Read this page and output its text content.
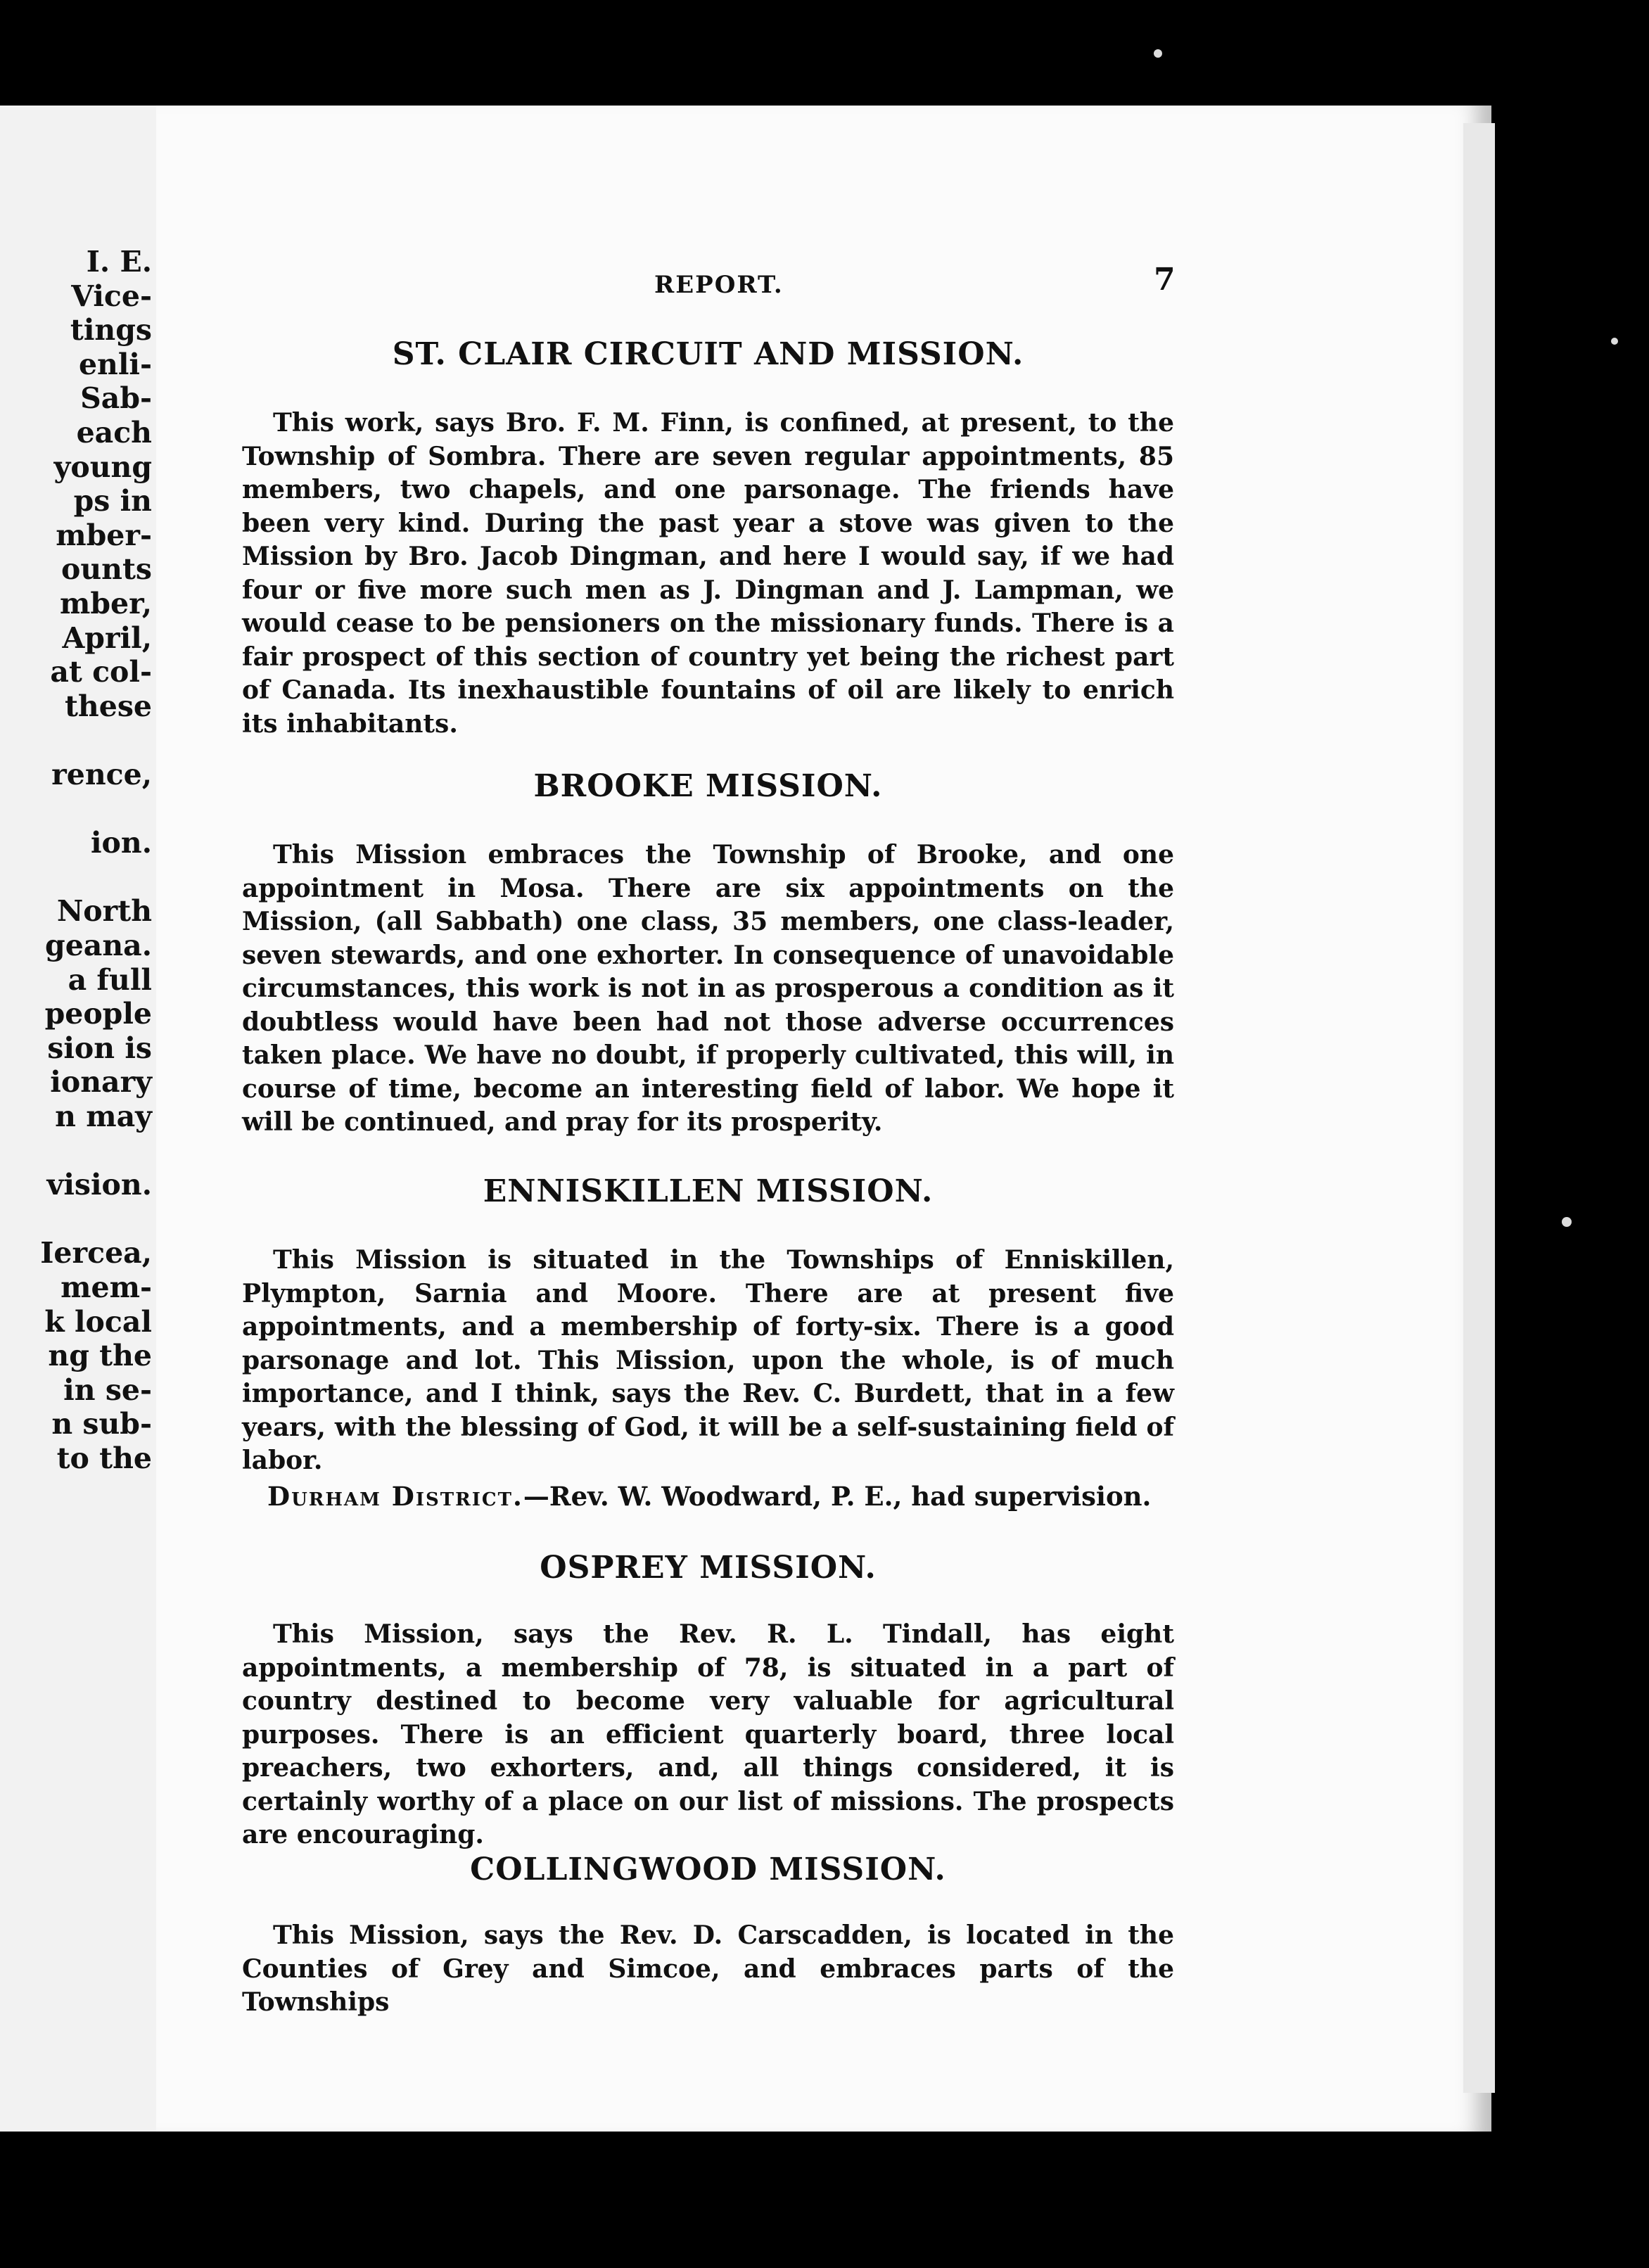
I. E.

Vice-

tings

enli-

Sab-

each

young

ps in

mber-

ounts

mber,

April,

at col-

these

rence,

ion.

North

geana.

a full

people

sion is

ionary

n may

vision.

Iercea,

mem-

k local

ng the

in se-

n sub-

to the

REPORT.	7
ST. CLAIR CIRCUIT AND MISSION.

This work, says Bro. F. M. Finn, is confined, at present, to the Township of Sombra. There are seven regular appointments, 85 members, two chapels, and one parsonage. The friends have been very kind. During the past year a stove was given to the Mission by Bro. Jacob Dingman, and here I would say, if we had four or five more such men as J. Dingman and J. Lampman, we would cease to be pensioners on the missionary funds. There is a fair prospect of this section of country yet being the richest part of Canada. Its inexhaustible fountains of oil are likely to enrich its inhabitants.

BROOKE MISSION.

This Mission embraces the Township of Brooke, and one appointment in Mosa. There are six appointments on the Mission, (all Sabbath) one class, 35 members, one class-leader, seven stewards, and one exhorter. In consequence of unavoidable circumstances, this work is not in as prosperous a condition as it doubtless would have been had not those adverse occurrences taken place. We have no doubt, if properly cultivated, this will, in course of time, become an interesting field of labor. We hope it will be continued, and pray for its prosperity.

ENNISKILLEN MISSION.

This Mission is situated in the Townships of Enniskillen, Plympton, Sarnia and Moore. There are at present five appointments, and a membership of forty-six. There is a good parsonage and lot. This Mission, upon the whole, is of much importance, and I think, says the Rev. C. Burdett, that in a few years, with the blessing of God, it will be a self-sustaining field of labor.

Durham District.—Rev. W. Woodward, P. E., had supervision.

OSPREY MISSION.

This Mission, says the Rev. R. L. Tindall, has eight appointments, a membership of 78, is situated in a part of country destined to become very valuable for agricultural purposes. There is an efficient quarterly board, three local preachers, two exhorters, and, all things considered, it is certainly worthy of a place on our list of missions. The prospects are encouraging.

COLLINGWOOD MISSION.

This Mission, says the Rev. D. Carscadden, is located in the Counties of Grey and Simcoe, and embraces parts of the Townships
